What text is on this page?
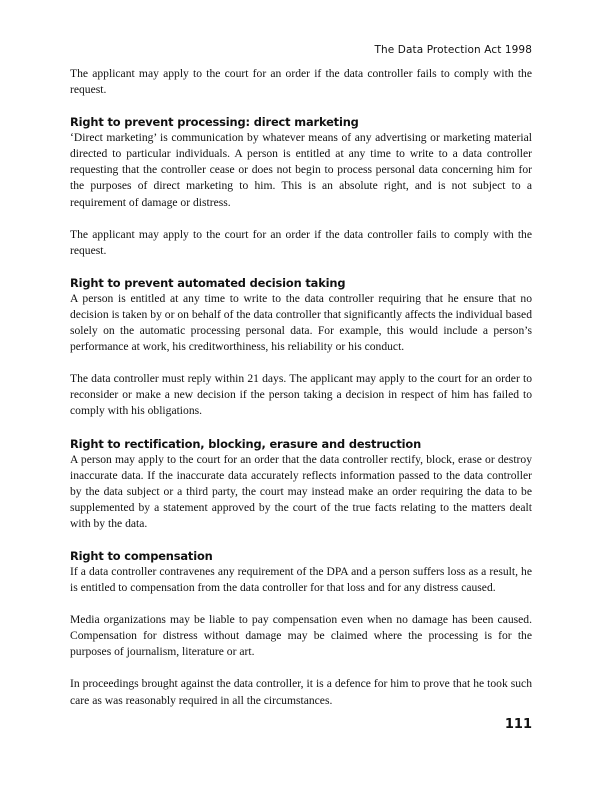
The Data Protection Act 1998

The applicant may apply to the court for an order if the data controller fails to comply with the request.

Right to prevent processing: direct marketing

‘Direct marketing’ is communication by whatever means of any advertising or marketing material directed to particular individuals. A person is entitled at any time to write to a data controller requesting that the controller cease or does not begin to process personal data concerning him for the purposes of direct marketing to him. This is an absolute right, and is not subject to a requirement of damage or distress.

The applicant may apply to the court for an order if the data controller fails to comply with the request.

Right to prevent automated decision taking

A person is entitled at any time to write to the data controller requiring that he ensure that no decision is taken by or on behalf of the data controller that significantly affects the individual based solely on the automatic processing personal data. For example, this would include a person’s performance at work, his creditworthiness, his reliability or his conduct.

The data controller must reply within 21 days. The applicant may apply to the court for an order to reconsider or make a new decision if the person taking a decision in respect of him has failed to comply with his obligations.

Right to rectification, blocking, erasure and destruction

A person may apply to the court for an order that the data controller rectify, block, erase or destroy inaccurate data. If the inaccurate data accurately reflects information passed to the data controller by the data subject or a third party, the court may instead make an order requiring the data to be supplemented by a statement approved by the court of the true facts relating to the matters dealt with by the data.

Right to compensation

If a data controller contravenes any requirement of the DPA and a person suffers loss as a result, he is entitled to compensation from the data controller for that loss and for any distress caused.

Media organizations may be liable to pay compensation even when no damage has been caused. Compensation for distress without damage may be claimed where the processing is for the purposes of journalism, literature or art.

In proceedings brought against the data controller, it is a defence for him to prove that he took such care as was reasonably required in all the circumstances.

111
